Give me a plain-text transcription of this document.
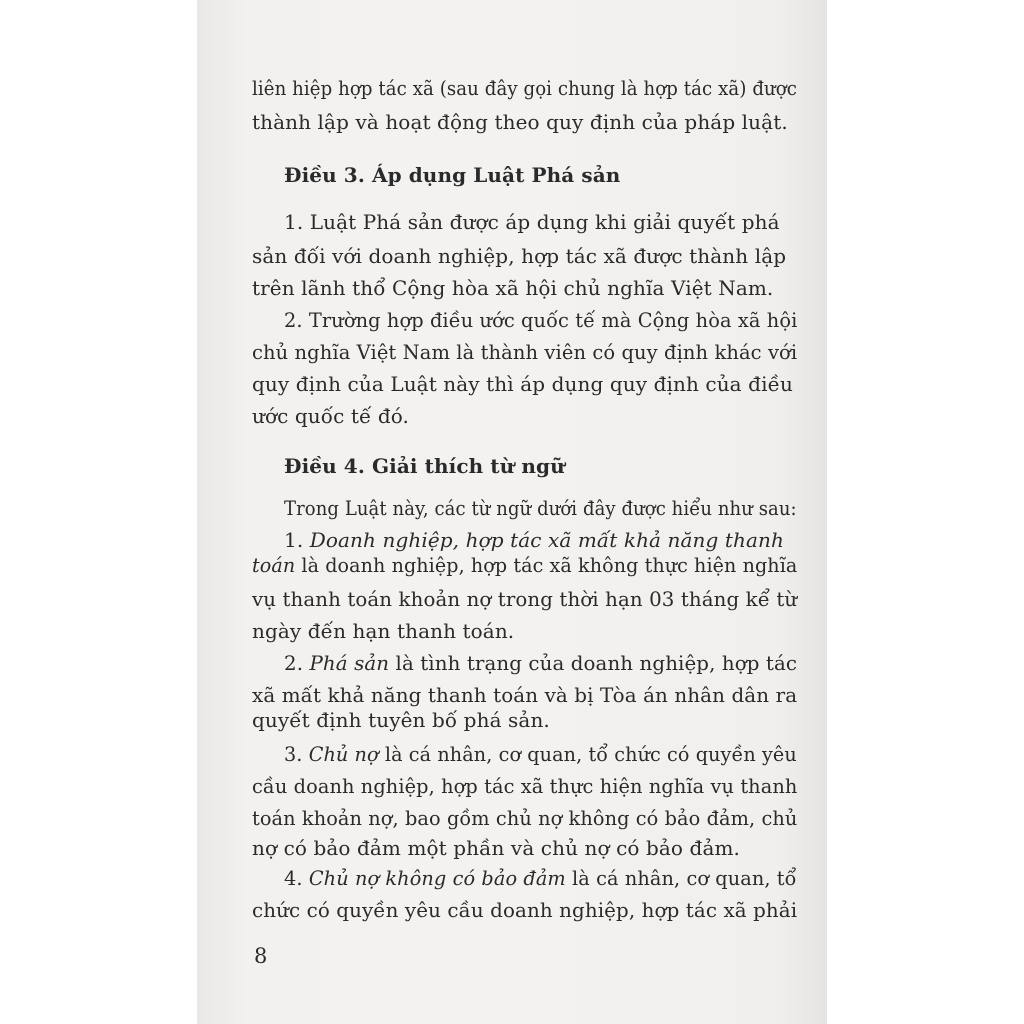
liên hiệp hợp tác xã (sau đây gọi chung là hợp tác xã) được
thành lập và hoạt động theo quy định của pháp luật.
Điều 3. Áp dụng Luật Phá sản
1. Luật Phá sản được áp dụng khi giải quyết phá
sản đối với doanh nghiệp, hợp tác xã được thành lập
trên lãnh thổ Cộng hòa xã hội chủ nghĩa Việt Nam.
2. Trường hợp điều ước quốc tế mà Cộng hòa xã hội
chủ nghĩa Việt Nam là thành viên có quy định khác với
quy định của Luật này thì áp dụng quy định của điều
ước quốc tế đó.
Điều 4. Giải thích từ ngữ
Trong Luật này, các từ ngữ dưới đây được hiểu như sau:
1. Doanh nghiệp, hợp tác xã mất khả năng thanh
toán là doanh nghiệp, hợp tác xã không thực hiện nghĩa
vụ thanh toán khoản nợ trong thời hạn 03 tháng kể từ
ngày đến hạn thanh toán.
2. Phá sản là tình trạng của doanh nghiệp, hợp tác
xã mất khả năng thanh toán và bị Tòa án nhân dân ra
quyết định tuyên bố phá sản.
3. Chủ nợ là cá nhân, cơ quan, tổ chức có quyền yêu
cầu doanh nghiệp, hợp tác xã thực hiện nghĩa vụ thanh
toán khoản nợ, bao gồm chủ nợ không có bảo đảm, chủ
nợ có bảo đảm một phần và chủ nợ có bảo đảm.
4. Chủ nợ không có bảo đảm là cá nhân, cơ quan, tổ
chức có quyền yêu cầu doanh nghiệp, hợp tác xã phải
8
